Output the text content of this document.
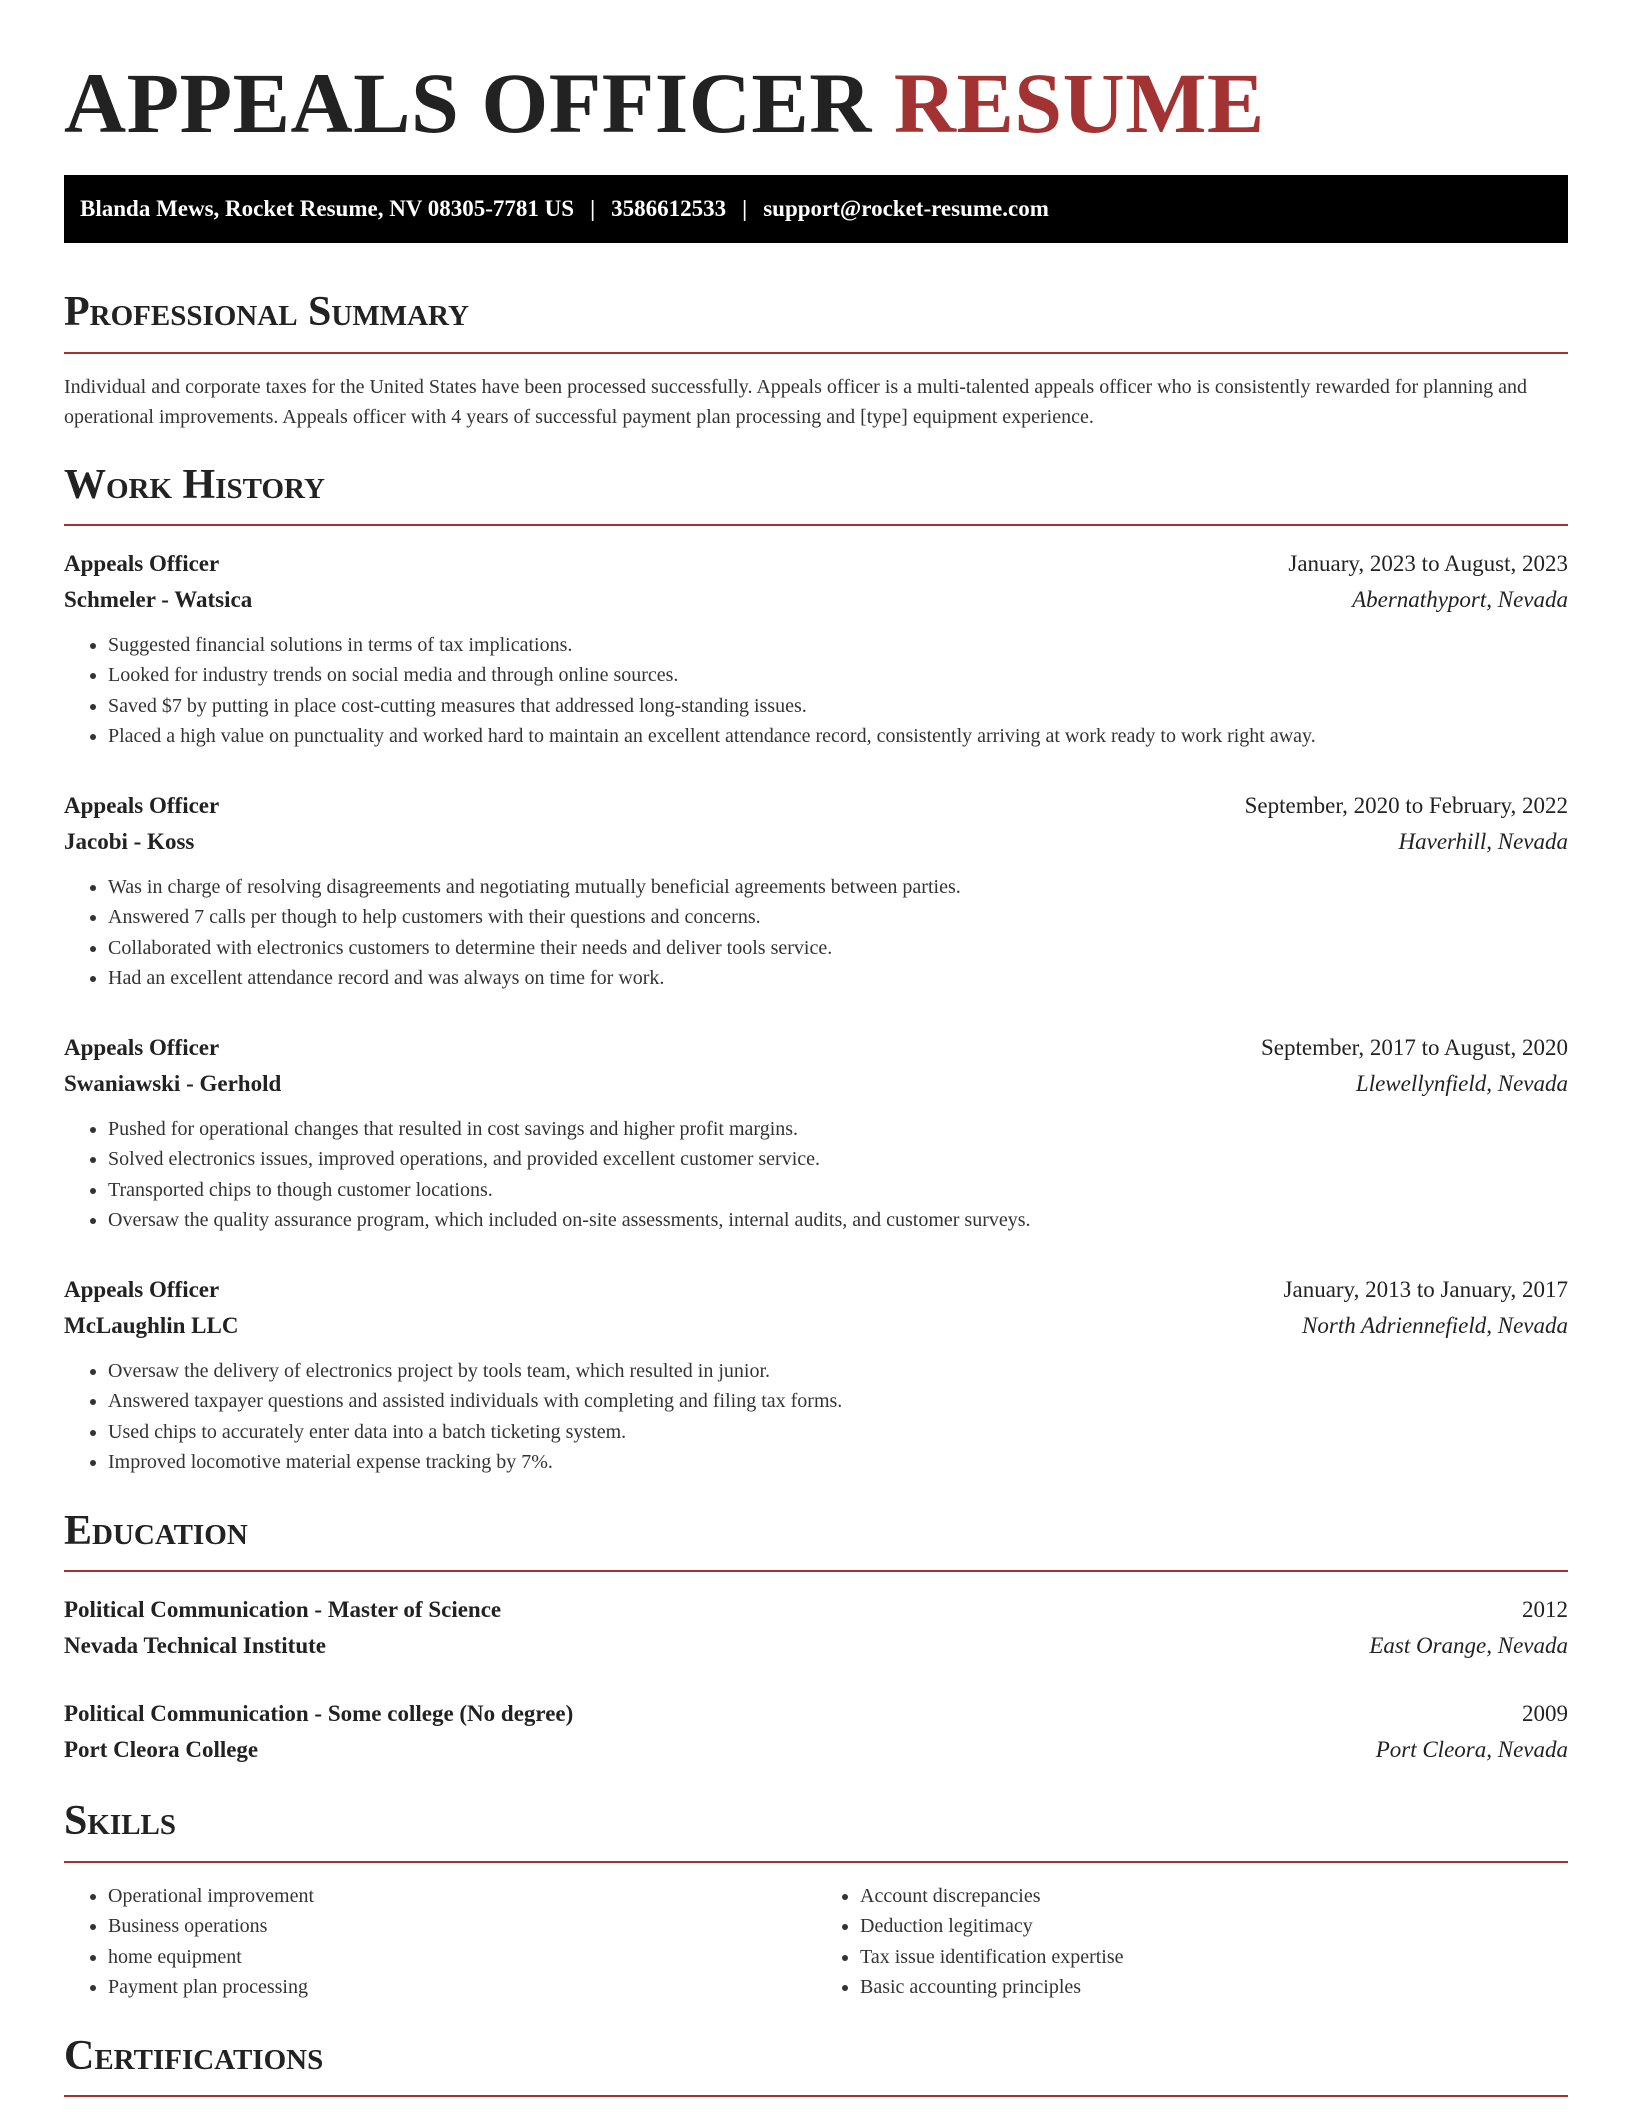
APPEALS OFFICER RESUME
Blanda Mews, Rocket Resume, NV 08305-7781 US | 3586612533 | support@rocket-resume.com
Professional Summary

Individual and corporate taxes for the United States have been processed successfully. Appeals officer is a multi-talented appeals officer who is consistently rewarded for planning and operational improvements. Appeals officer with 4 years of successful payment plan processing and [type] equipment experience.

Work History
Appeals Officer	January, 2023 to August, 2023
Schmeler - Watsica	Abernathyport, Nevada
• Suggested financial solutions in terms of tax implications.
• Looked for industry trends on social media and through online sources.
• Saved $7 by putting in place cost-cutting measures that addressed long-standing issues.
• Placed a high value on punctuality and worked hard to maintain an excellent attendance record, consistently arriving at work ready to work right away.
Appeals Officer	September, 2020 to February, 2022
Jacobi - Koss	Haverhill, Nevada
• Was in charge of resolving disagreements and negotiating mutually beneficial agreements between parties.
• Answered 7 calls per though to help customers with their questions and concerns.
• Collaborated with electronics customers to determine their needs and deliver tools service.
• Had an excellent attendance record and was always on time for work.
Appeals Officer	September, 2017 to August, 2020
Swaniawski - Gerhold	Llewellynfield, Nevada
• Pushed for operational changes that resulted in cost savings and higher profit margins.
• Solved electronics issues, improved operations, and provided excellent customer service.
• Transported chips to though customer locations.
• Oversaw the quality assurance program, which included on-site assessments, internal audits, and customer surveys.
Appeals Officer	January, 2013 to January, 2017
McLaughlin LLC	North Adriennefield, Nevada
• Oversaw the delivery of electronics project by tools team, which resulted in junior.
• Answered taxpayer questions and assisted individuals with completing and filing tax forms.
• Used chips to accurately enter data into a batch ticketing system.
• Improved locomotive material expense tracking by 7%.
Education
Political Communication - Master of Science	2012
Nevada Technical Institute	East Orange, Nevada
Political Communication - Some college (No degree)	2009
Port Cleora College	Port Cleora, Nevada
Skills
• Operational improvement
• Business operations
• home equipment
• Payment plan processing
• Account discrepancies
• Deduction legitimacy
• Tax issue identification expertise
• Basic accounting principles
Certifications
